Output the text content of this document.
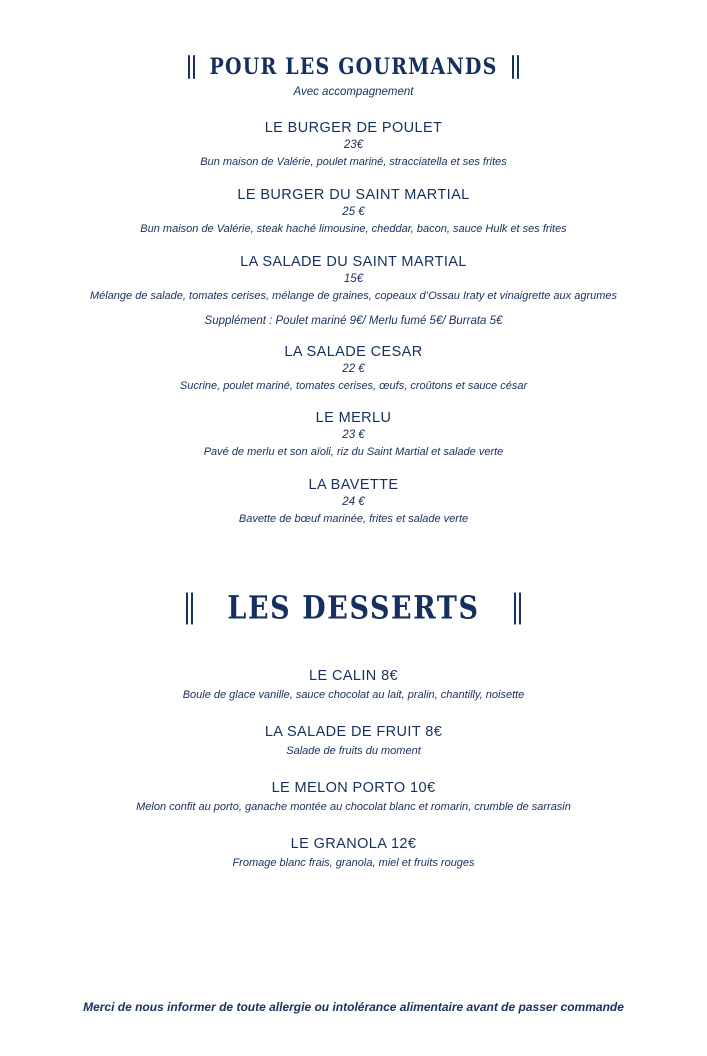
POUR LES GOURMANDS
Avec accompagnement
LE BURGER DE POULET
23€
Bun maison de Valérie, poulet mariné, stracciatella et ses frites
LE BURGER DU SAINT MARTIAL
25 €
Bun maison de Valérie, steak haché limousine, cheddar, bacon, sauce Hulk et ses frites
LA SALADE DU SAINT MARTIAL
15€
Mélange de salade, tomates cerises, mélange de graines, copeaux d’Ossau Iraty et vinaigrette aux agrumes
Supplément : Poulet mariné 9€/ Merlu fumé 5€/ Burrata 5€
LA SALADE CESAR
22 €
Sucrine, poulet mariné, tomates cerises, œufs, croûtons et sauce césar
LE MERLU
23 €
Pavé de merlu et son aïoli, riz du Saint Martial et salade verte
LA BAVETTE
24 €
Bavette de bœuf marinée, frites et salade verte
LES DESSERTS
LE CALIN 8€
Boule de glace vanille, sauce chocolat au lait, pralin, chantilly, noisette
LA SALADE DE FRUIT 8€
Salade de fruits du moment
LE MELON PORTO 10€
Melon confit au porto, ganache montée au chocolat blanc et romarin, crumble de sarrasin
LE GRANOLA 12€
Fromage blanc frais, granola, miel et fruits rouges
Merci de nous informer de toute allergie ou intolérance alimentaire avant de passer commande
